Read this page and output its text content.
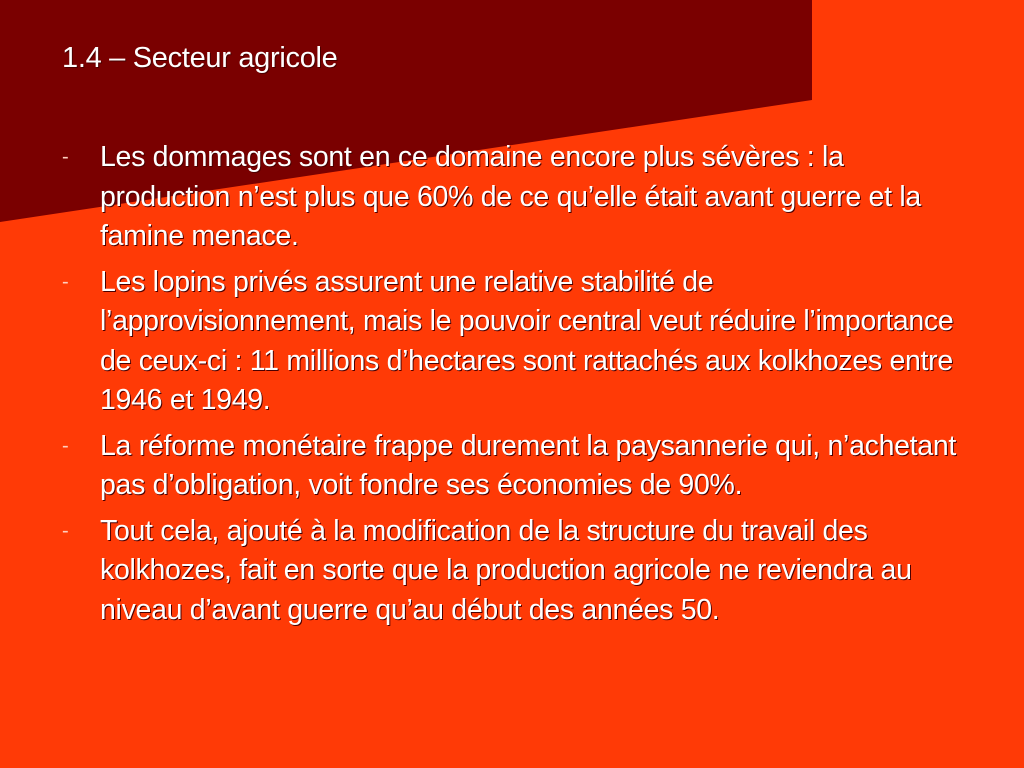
1.4 – Secteur agricole
-	Les dommages sont en ce domaine encore plus sévères : la production n’est plus que 60% de ce qu’elle était avant guerre et la famine menace.
-	Les lopins privés assurent une relative stabilité de l’approvisionnement, mais le pouvoir central veut réduire l’importance de ceux-ci : 11 millions d’hectares sont rattachés aux kolkhozes entre 1946 et 1949.
-	La réforme monétaire frappe durement la paysannerie qui, n’achetant pas d’obligation, voit fondre ses économies de 90%.
-	Tout cela, ajouté à la modification de la structure du travail des kolkhozes, fait en sorte que la production agricole ne reviendra au niveau d’avant guerre qu’au début des années 50.
